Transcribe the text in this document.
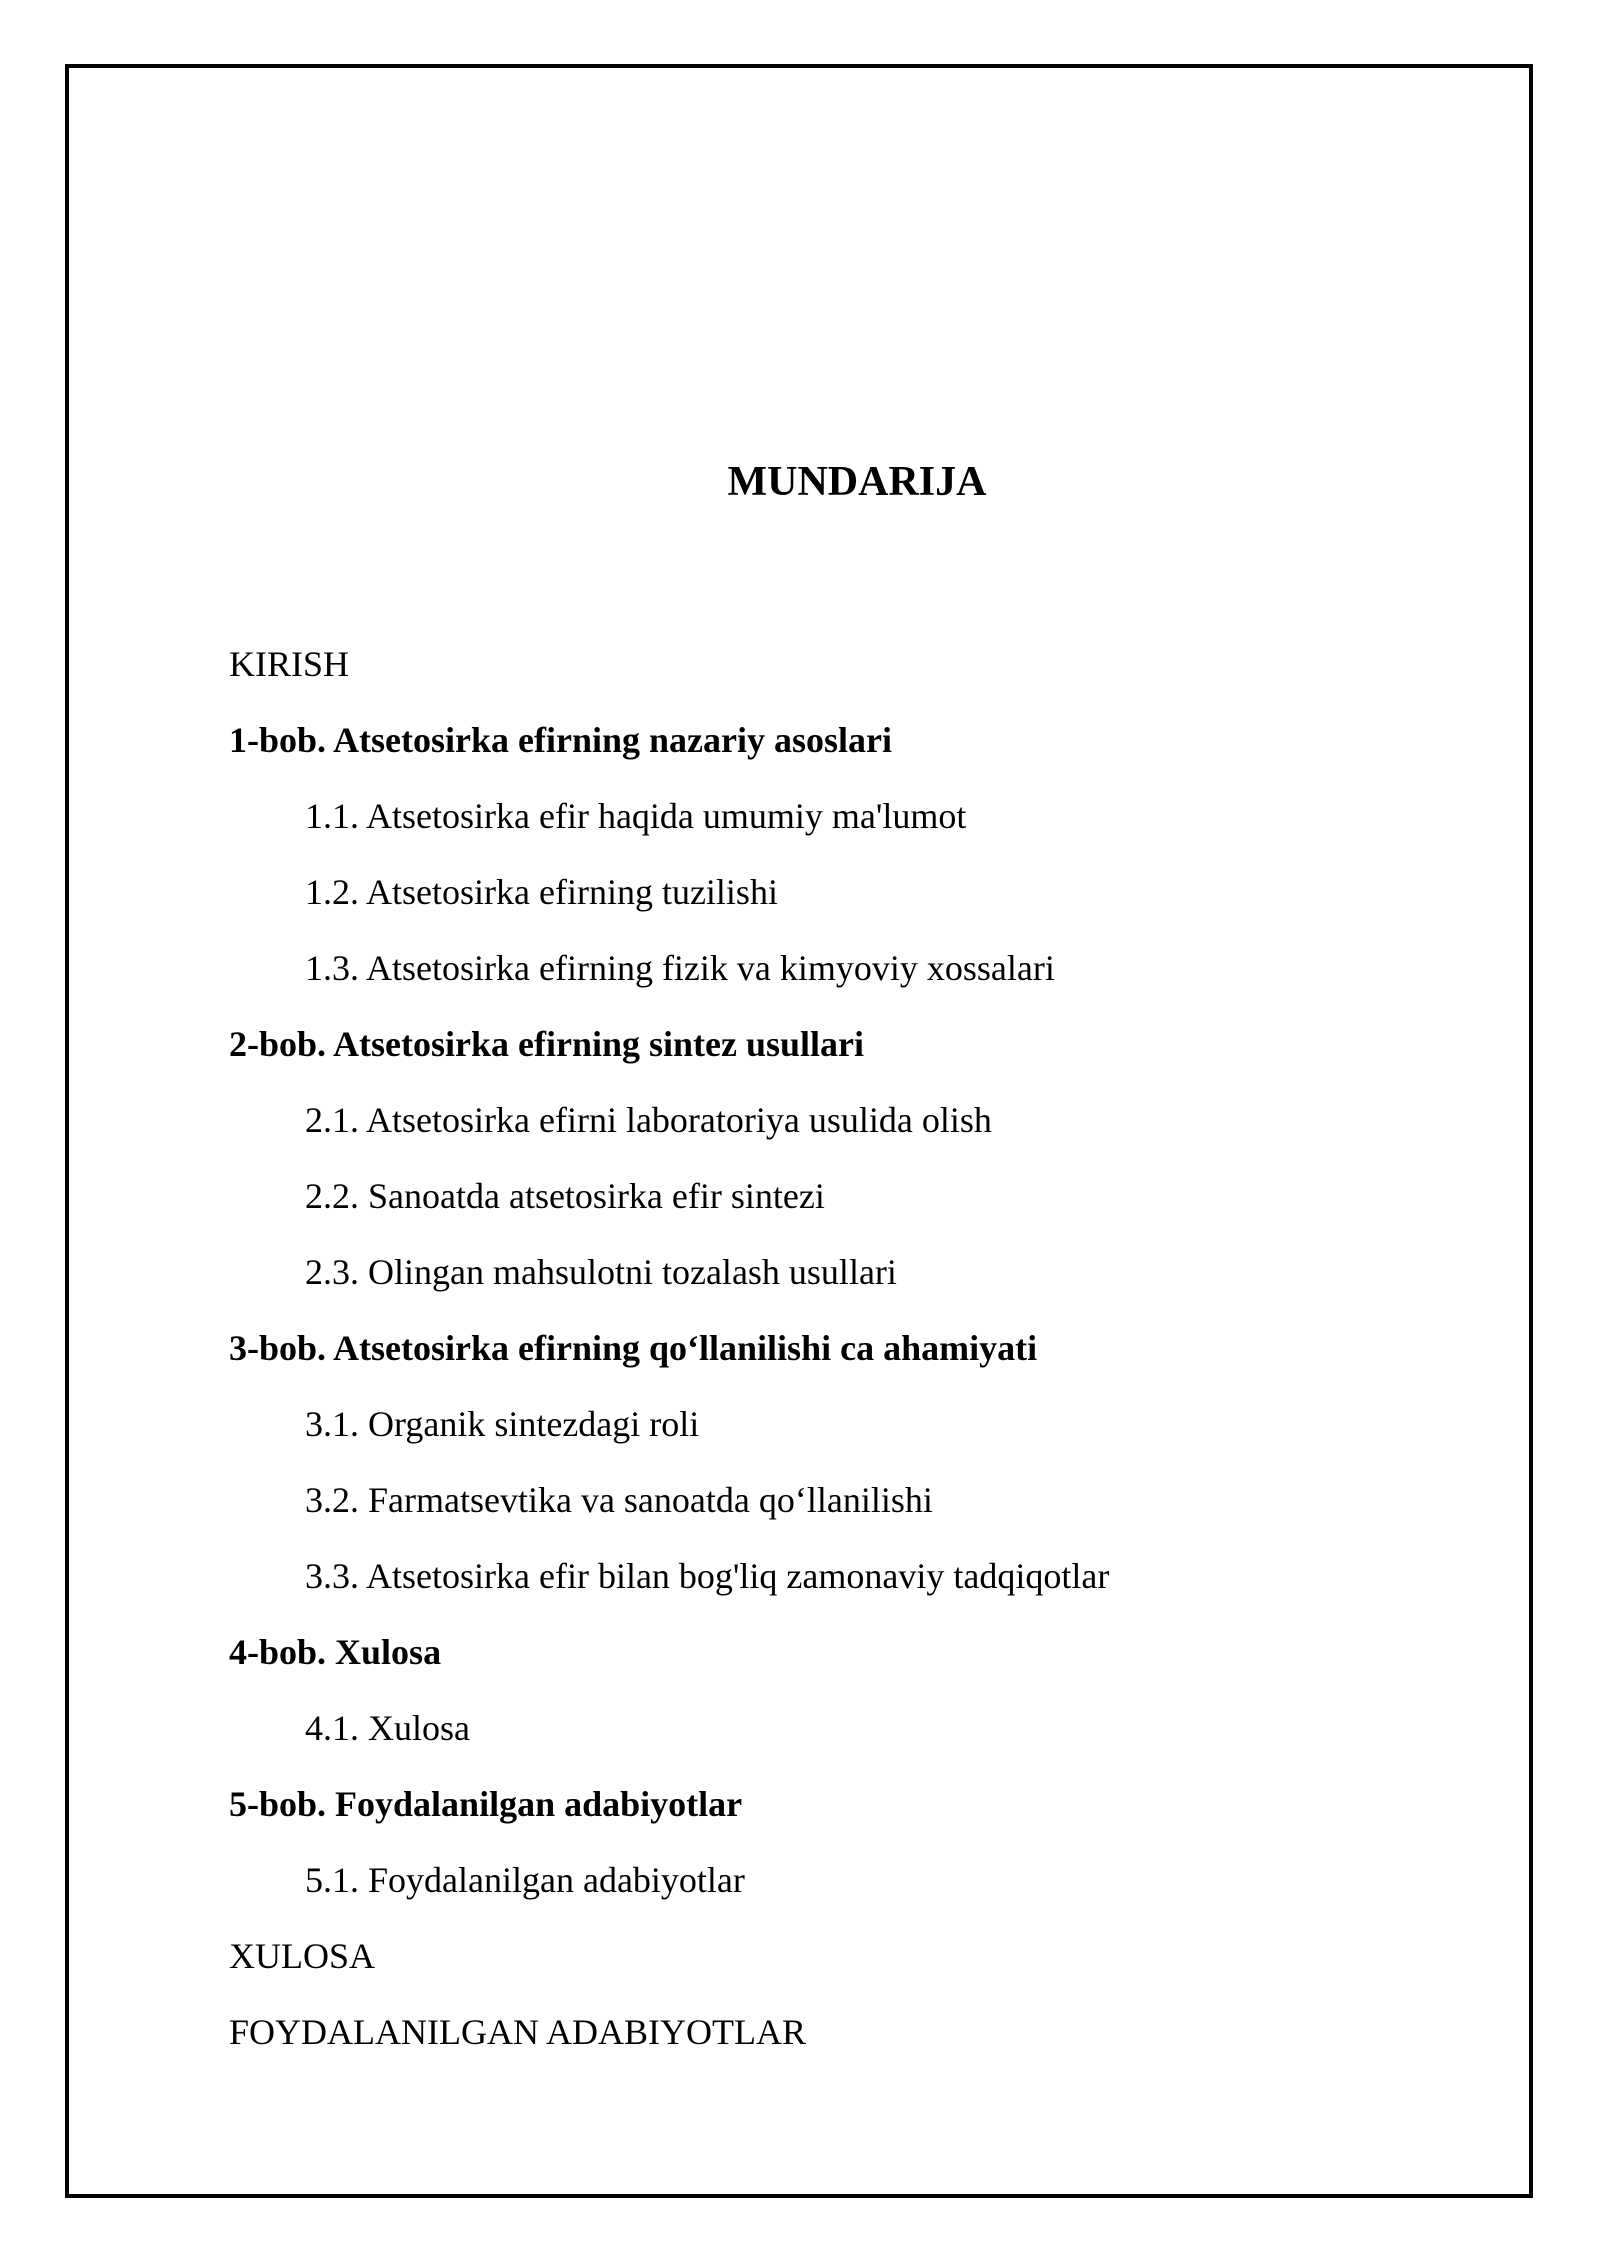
MUNDARIJA
KIRISH
1-bob. Atsetosirka efirning nazariy asoslari
1.1. Atsetosirka efir haqida umumiy ma'lumot
1.2. Atsetosirka efirning tuzilishi
1.3. Atsetosirka efirning fizik va kimyoviy xossalari
2-bob. Atsetosirka efirning sintez usullari
2.1. Atsetosirka efirni laboratoriya usulida olish
2.2. Sanoatda atsetosirka efir sintezi
2.3. Olingan mahsulotni tozalash usullari
3-bob. Atsetosirka efirning qo‘llanilishi ca ahamiyati
3.1. Organik sintezdagi roli
3.2. Farmatsevtika va sanoatda qo‘llanilishi
3.3. Atsetosirka efir bilan bog'liq zamonaviy tadqiqotlar
4-bob. Xulosa
4.1. Xulosa
5-bob. Foydalanilgan adabiyotlar
5.1. Foydalanilgan adabiyotlar
XULOSA
FOYDALANILGAN ADABIYOTLAR
